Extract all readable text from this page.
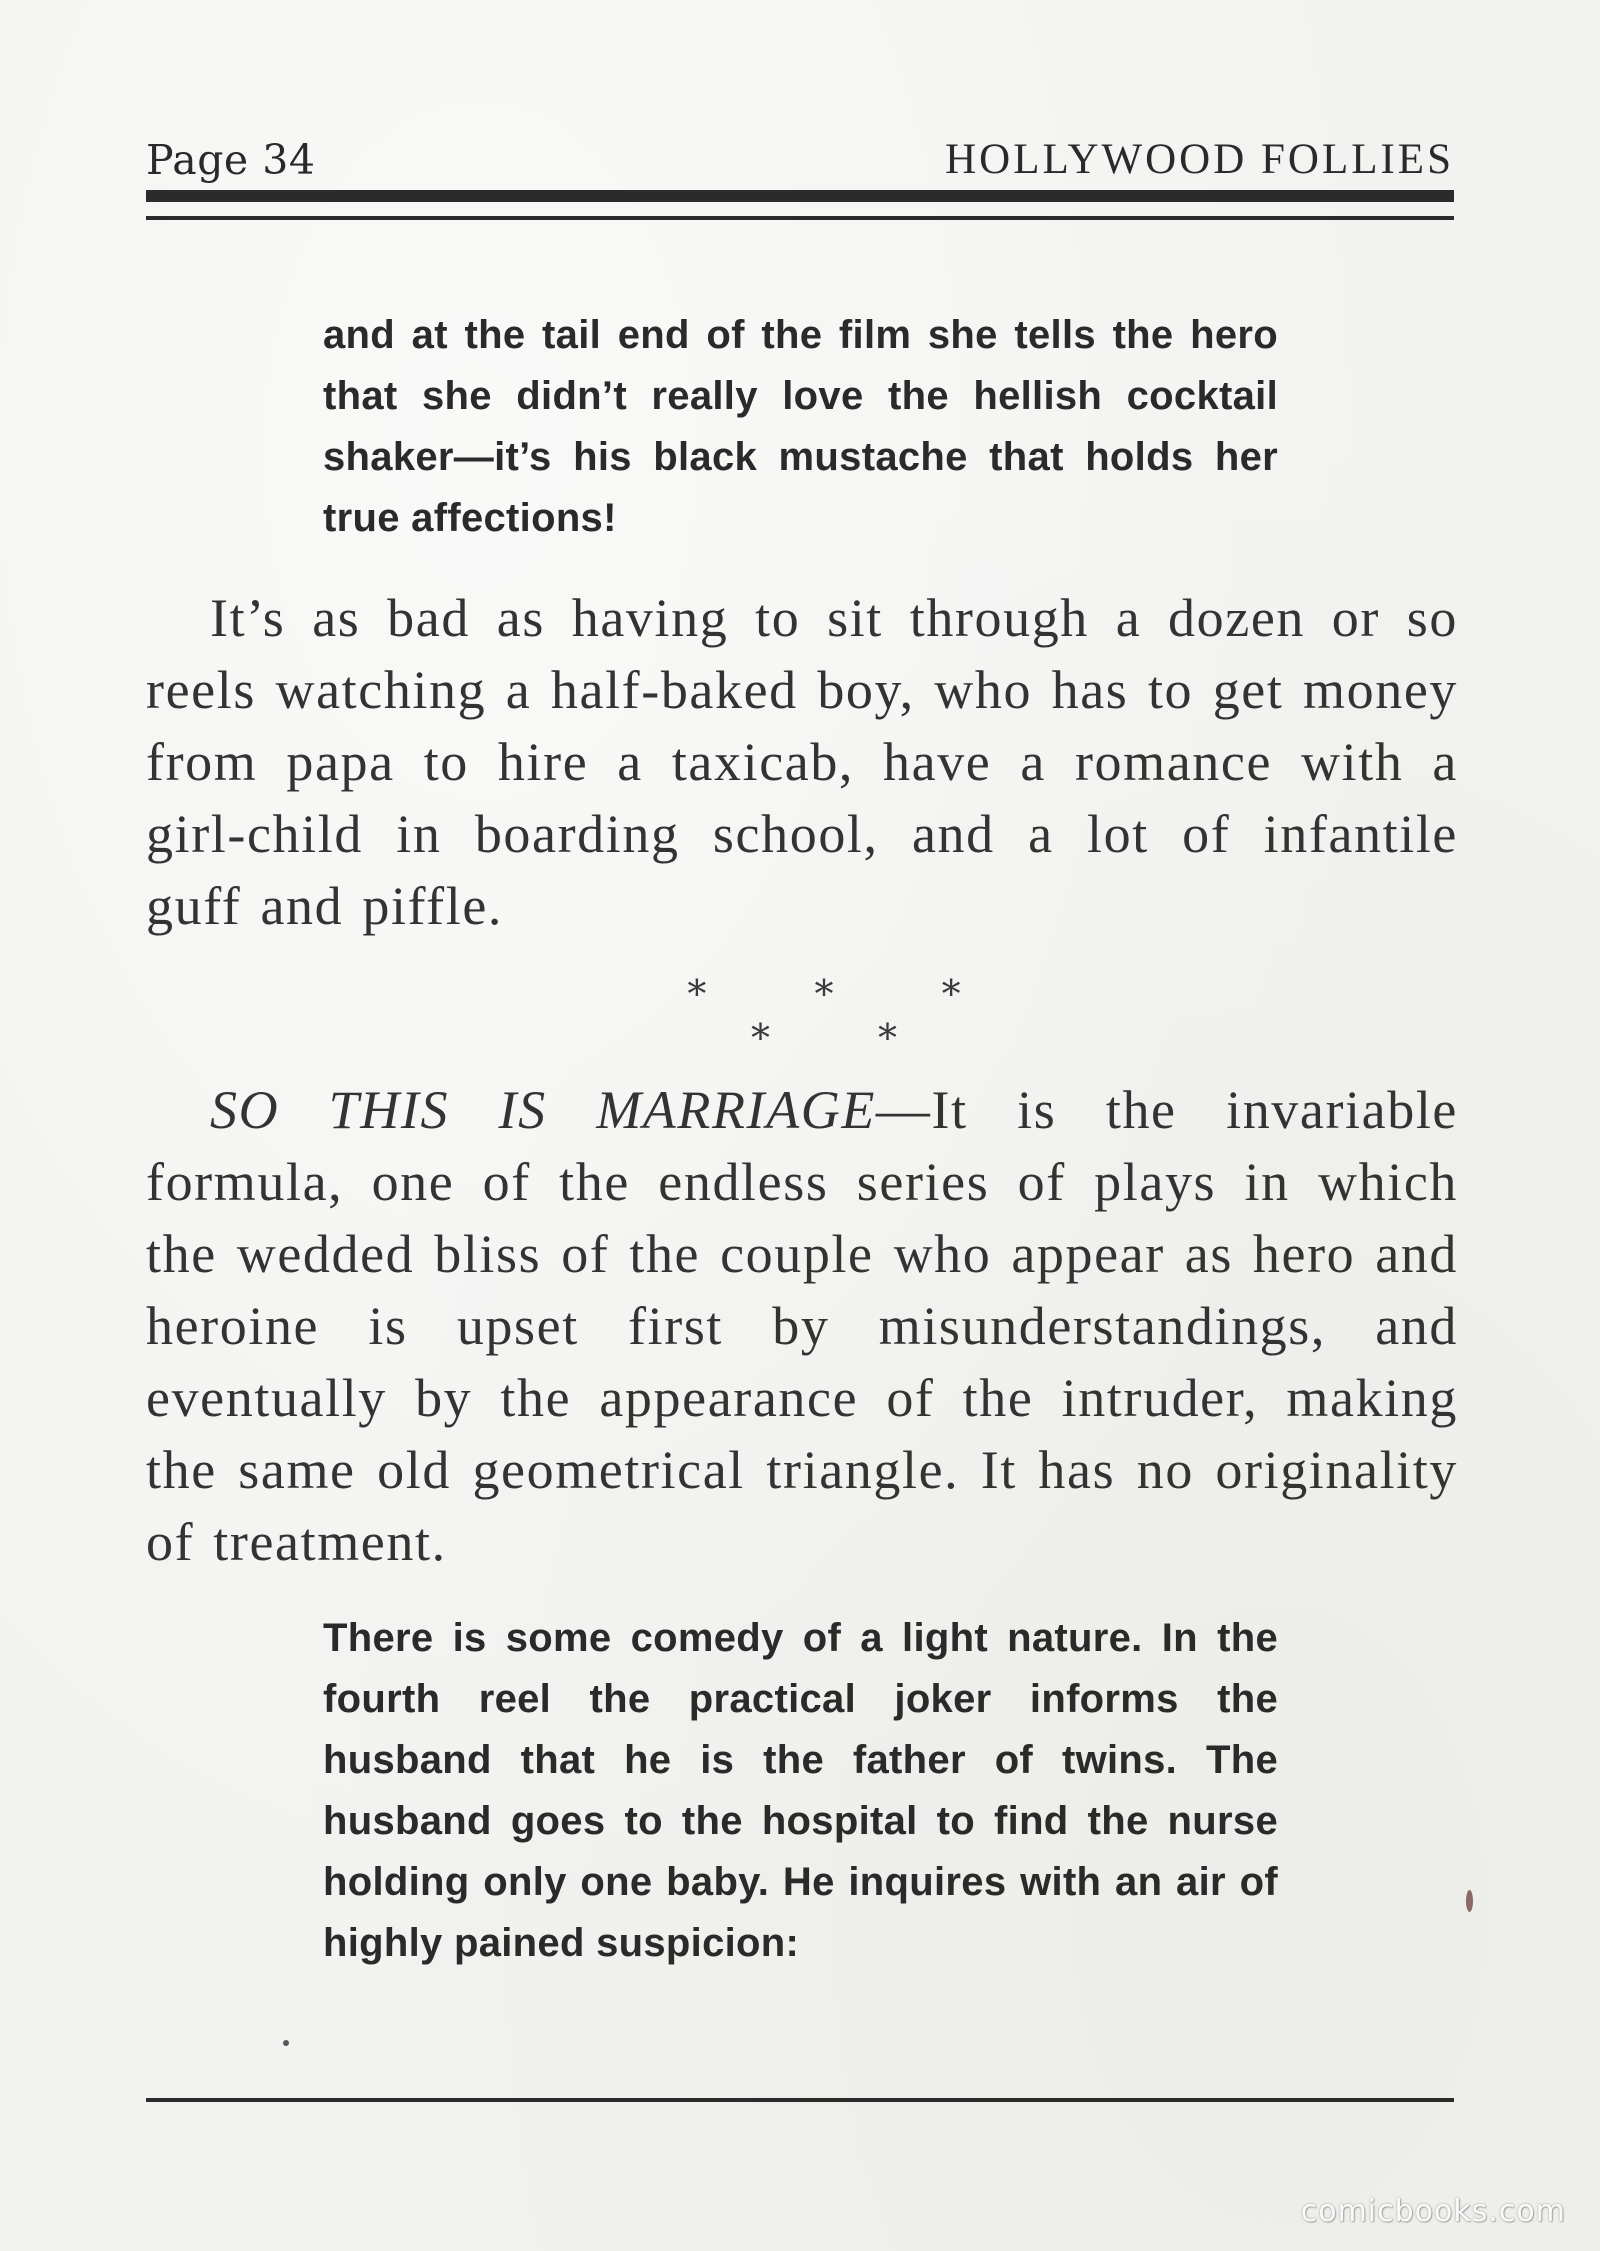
Page 34	HOLLYWOOD FOLLIES
and at the tail end of the film she tells the hero that she didn’t really love the hellish cocktail shaker—it’s his black mustache that holds her true affections!
It’s as bad as having to sit through a dozen or so reels watching a half-baked boy, who has to get money from papa to hire a taxicab, have a romance with a girl-child in boarding school, and a lot of infantile guff and piffle.
* * * * *
SO THIS IS MARRIAGE—It is the invariable formula, one of the endless series of plays in which the wedded bliss of the couple who appear as hero and heroine is upset first by misunderstandings, and eventually by the appearance of the intruder, making the same old geometrical triangle. It has no originality of treatment.
There is some comedy of a light nature. In the fourth reel the practical joker informs the husband that he is the father of twins. The husband goes to the hospital to find the nurse holding only one baby. He inquires with an air of highly pained suspicion:
comicbooks.com
